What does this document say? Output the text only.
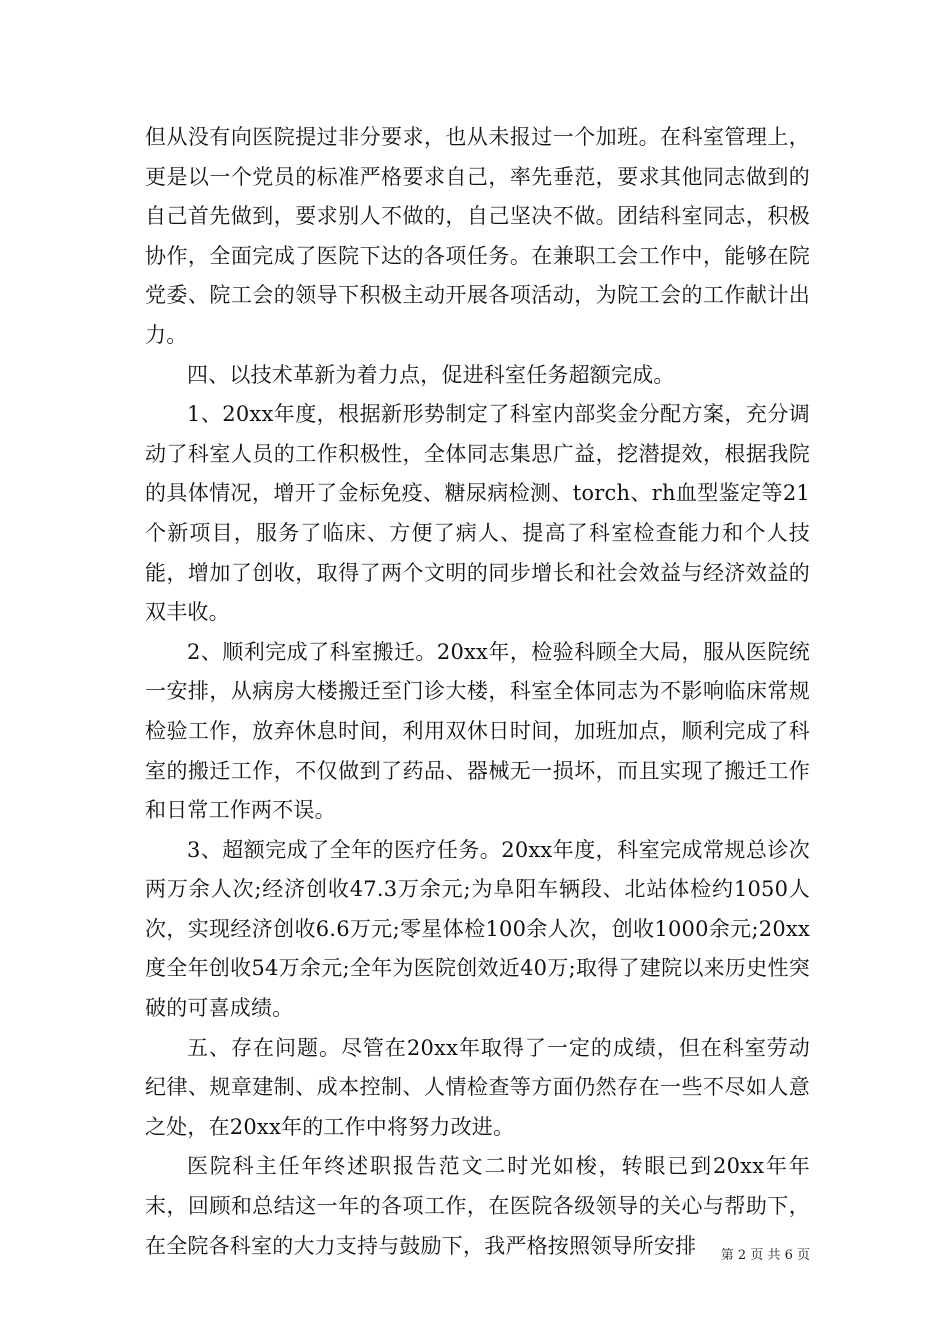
但从没有向医院提过非分要求，也从未报过一个加班。在科室管理上，更是以一个党员的标准严格要求自己，率先垂范，要求其他同志做到的自己首先做到，要求别人不做的，自己坚决不做。团结科室同志，积极协作，全面完成了医院下达的各项任务。在兼职工会工作中，能够在院党委、院工会的领导下积极主动开展各项活动，为院工会的工作献计出力。

四、以技术革新为着力点，促进科室任务超额完成。

1、20xx年度，根据新形势制定了科室内部奖金分配方案，充分调动了科室人员的工作积极性，全体同志集思广益，挖潜提效，根据我院的具体情况，增开了金标免疫、糖尿病检测、torch、rh血型鉴定等21个新项目，服务了临床、方便了病人、提高了科室检查能力和个人技能，增加了创收，取得了两个文明的同步增长和社会效益与经济效益的双丰收。

2、顺利完成了科室搬迁。20xx年，检验科顾全大局，服从医院统一安排，从病房大楼搬迁至门诊大楼，科室全体同志为不影响临床常规检验工作，放弃休息时间，利用双休日时间，加班加点，顺利完成了科室的搬迁工作，不仅做到了药品、器械无一损坏，而且实现了搬迁工作和日常工作两不误。

3、超额完成了全年的医疗任务。20xx年度，科室完成常规总诊次两万余人次;经济创收47.3万余元;为阜阳车辆段、北站体检约1050人次，实现经济创收6.6万元;零星体检100余人次，创收1000余元;20xx度全年创收54万余元;全年为医院创效近40万;取得了建院以来历史性突破的可喜成绩。

五、存在问题。尽管在20xx年取得了一定的成绩，但在科室劳动纪律、规章建制、成本控制、人情检查等方面仍然存在一些不尽如人意之处，在20xx年的工作中将努力改进。

医院科主任年终述职报告范文二时光如梭，转眼已到20xx年年末，回顾和总结这一年的各项工作，在医院各级领导的关心与帮助下，在全院各科室的大力支持与鼓励下，我严格按照领导所安排	第 2 页 共 6 页
